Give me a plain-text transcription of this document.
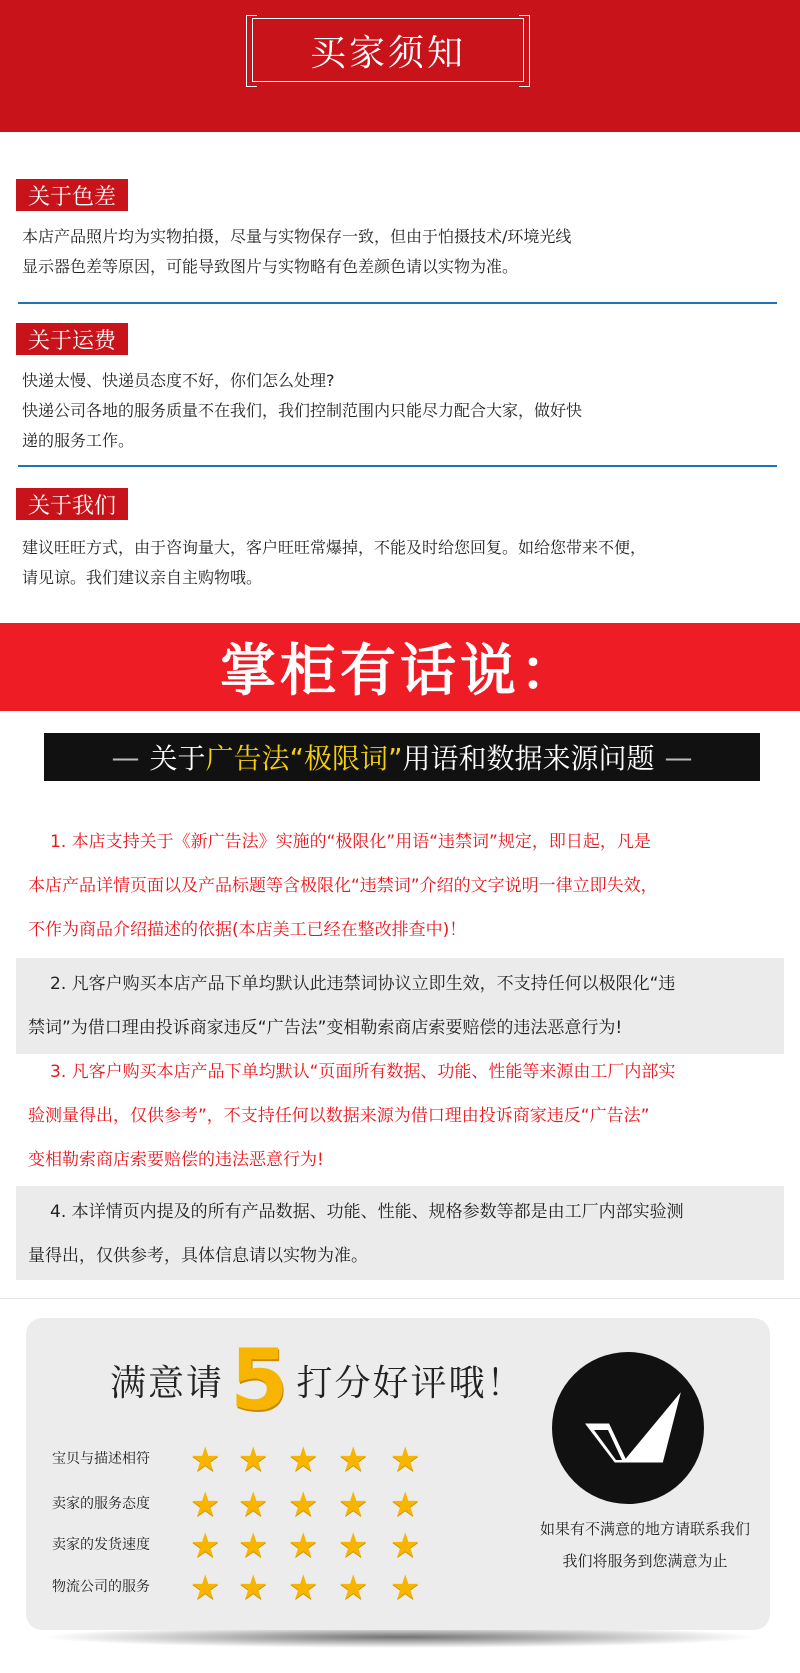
买家须知
关于色差
本店产品照片均为实物拍摄，尽量与实物保存一致，但由于怕摄技术/环境光线
显示器色差等原因，可能导致图片与实物略有色差颜色请以实物为准。
关于运费
快递太慢、快递员态度不好，你们怎么处理?
快递公司各地的服务质量不在我们，我们控制范围内只能尽力配合大家，做好快
递的服务工作。
关于我们
建议旺旺方式，由于咨询量大，客户旺旺常爆掉，不能及时给您回复。如给您带来不便，
请见谅。我们建议亲自主购物哦。
掌柜有话说：
— 关于 广告法“极限词” 用语和数据来源问题 —
1. 本店支持关于《新广告法》实施的“极限化”用语“违禁词”规定，即日起，凡是
本店产品详情页面以及产品标题等含极限化“违禁词”介绍的文字说明一律立即失效，
不作为商品介绍描述的依据(本店美工已经在整改排查中)！
2. 凡客户购买本店产品下单均默认此违禁词协议立即生效，不支持任何以极限化“违
禁词”为借口理由投诉商家违反“广告法”变相勒索商店索要赔偿的违法恶意行为!
3. 凡客户购买本店产品下单均默认“页面所有数据、功能、性能等来源由工厂内部实
验测量得出，仅供参考”，不支持任何以数据来源为借口理由投诉商家违反“广告法”
变相勒索商店索要赔偿的违法恶意行为!
4. 本详情页内提及的所有产品数据、功能、性能、规格参数等都是由工厂内部实验测
量得出，仅供参考，具体信息请以实物为准。
满意请 5 打分好评哦！
宝贝与描述相符
卖家的服务态度
卖家的发货速度
物流公司的服务
★ ★ ★ ★ ★
★ ★ ★ ★ ★
★ ★ ★ ★ ★
★ ★ ★ ★ ★
如果有不满意的地方请联系我们
我们将服务到您满意为止
